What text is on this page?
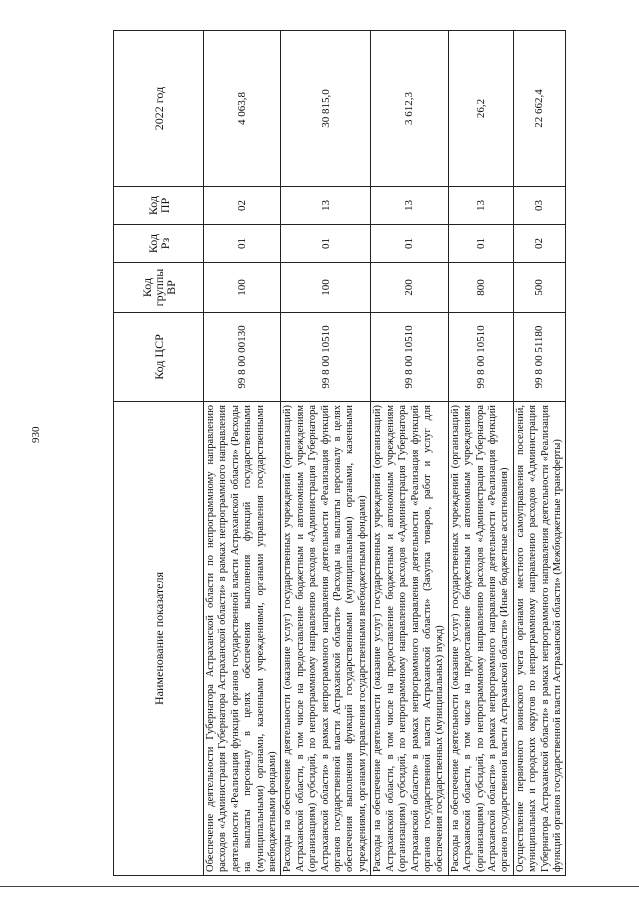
930
Наименование показателя	Код ЦСР	Код группы ВР	Код Рз	Код ПР	2022 год
Обеспечение деятельности Губернатора Астраханской области по непрограммному направлению расходов «Администрация Губернатора Астраханской области» в рамках непрограммного направления деятельности «Реализация функций органов государственной власти Астраханской области» (Расходы на выплаты персоналу в целях обеспечения выполнения функций государственными (муниципальными) органами, казенными учреждениями, органами управления государственными внебюджетными фондами)	99 8 00 00130	100	01	02	4 063,8
Расходы на обеспечение деятельности (оказание услуг) государственных учреждений (организаций) Астраханской области, в том числе на предоставление бюджетным и автономным учреждениям (организациям) субсидий, по непрограммному направлению расходов «Администрация Губернатора Астраханской области» в рамках непрограммного направления деятельности «Реализация функций органов государственной власти Астраханской области» (Расходы на выплаты персоналу в целях обеспечения выполнения функций государственными (муниципальными) органами, казенными учреждениями, органами управления государственными внебюджетными фондами)	99 8 00 10510	100	01	13	30 815,0
Расходы на обеспечение деятельности (оказание услуг) государственных учреждений (организаций) Астраханской области, в том числе на предоставление бюджетным и автономным учреждениям (организациям) субсидий, по непрограммному направлению расходов «Администрация Губернатора Астраханской области» в рамках непрограммного направления деятельности «Реализация функций органов государственной власти Астраханской области» (Закупка товаров, работ и услуг для обеспечения государственных (муниципальных) нужд)	99 8 00 10510	200	01	13	3 612,3
Расходы на обеспечение деятельности (оказание услуг) государственных учреждений (организаций) Астраханской области, в том числе на предоставление бюджетным и автономным учреждениям (организациям) субсидий, по непрограммному направлению расходов «Администрация Губернатора Астраханской области» в рамках непрограммного направления деятельности «Реализация функций органов государственной власти Астраханской области» (Иные бюджетные ассигнования)	99 8 00 10510	800	01	13	26,2
Осуществление первичного воинского учета органами местного самоуправления поселений, муниципальных и городских округов по непрограммному направлению расходов «Администрация Губернатора Астраханской области» в рамках непрограммного направления деятельности «Реализация функций органов государственной власти Астраханской области» (Межбюджетные трансферты)	99 8 00 51180	500	02	03	22 662,4
